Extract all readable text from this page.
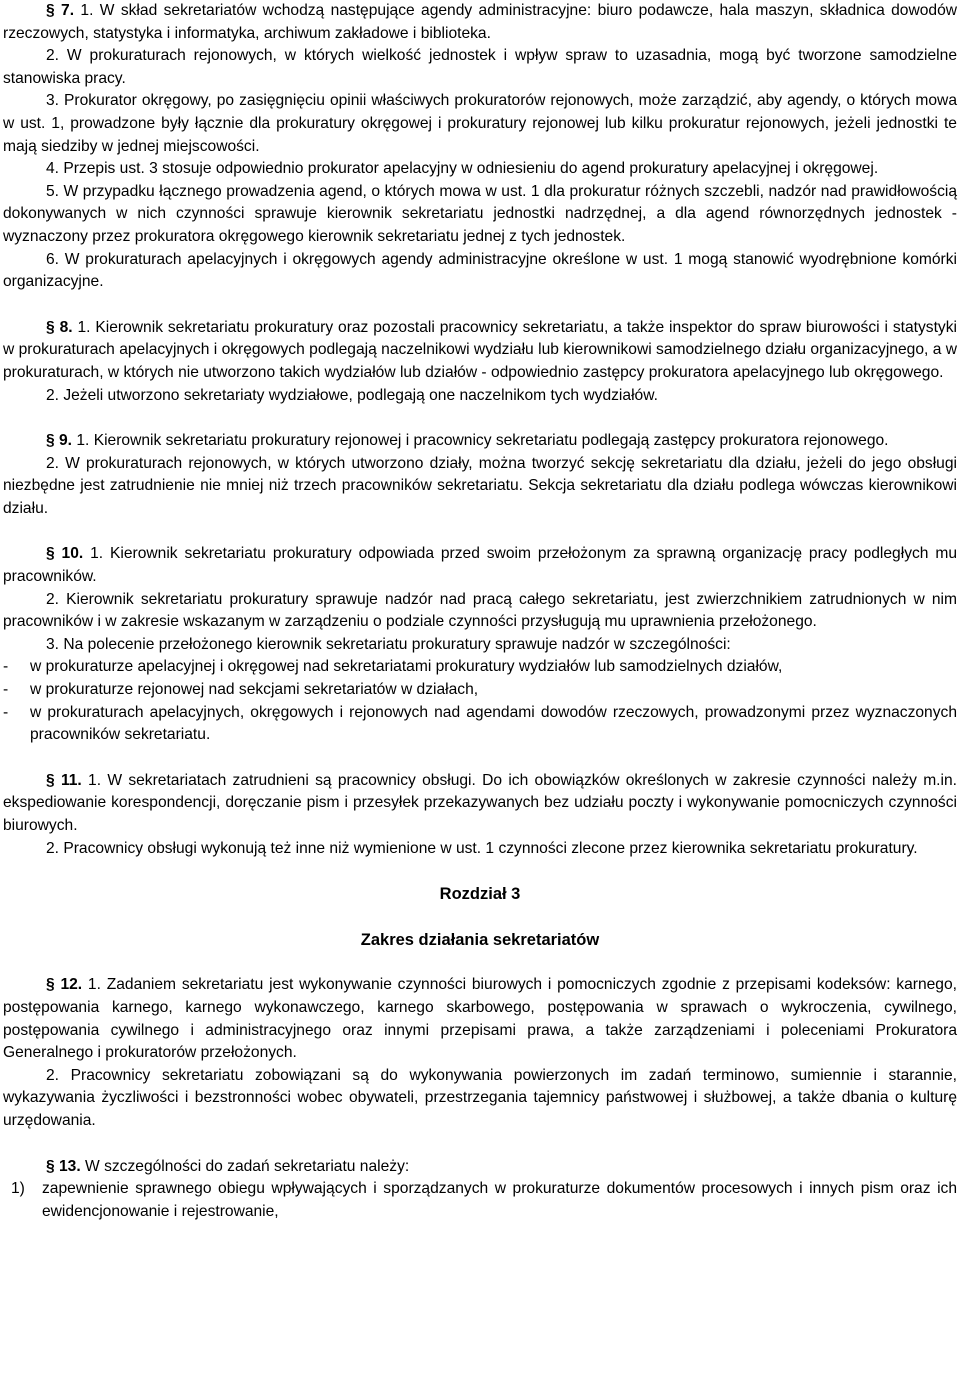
§ 7. 1. W skład sekretariatów wchodzą następujące agendy administracyjne: biuro podawcze, hala maszyn, składnica dowodów rzeczowych, statystyka i informatyka, archiwum zakładowe i biblioteka.

2. W prokuraturach rejonowych, w których wielkość jednostek i wpływ spraw to uzasadnia, mogą być tworzone samodzielne stanowiska pracy.

3. Prokurator okręgowy, po zasięgnięciu opinii właściwych prokuratorów rejonowych, może zarządzić, aby agendy, o których mowa w ust. 1, prowadzone były łącznie dla prokuratury okręgowej i prokuratury rejonowej lub kilku prokuratur rejonowych, jeżeli jednostki te mają siedziby w jednej miejscowości.

4. Przepis ust. 3 stosuje odpowiednio prokurator apelacyjny w odniesieniu do agend prokuratury apelacyjnej i okręgowej.

5. W przypadku łącznego prowadzenia agend, o których mowa w ust. 1 dla prokuratur różnych szczebli, nadzór nad prawidłowością dokonywanych w nich czynności sprawuje kierownik sekretariatu jednostki nadrzędnej, a dla agend równorzędnych jednostek - wyznaczony przez prokuratora okręgowego kierownik sekretariatu jednej z tych jednostek.

6. W prokuraturach apelacyjnych i okręgowych agendy administracyjne określone w ust. 1 mogą stanowić wyodrębnione komórki organizacyjne.

§ 8. 1. Kierownik sekretariatu prokuratury oraz pozostali pracownicy sekretariatu, a także inspektor do spraw biurowości i statystyki w prokuraturach apelacyjnych i okręgowych podlegają naczelnikowi wydziału lub kierownikowi samodzielnego działu organizacyjnego, a w prokuraturach, w których nie utworzono takich wydziałów lub działów - odpowiednio zastępcy prokuratora apelacyjnego lub okręgowego.

2. Jeżeli utworzono sekretariaty wydziałowe, podlegają one naczelnikom tych wydziałów.

§ 9. 1. Kierownik sekretariatu prokuratury rejonowej i pracownicy sekretariatu podlegają zastępcy prokuratora rejonowego.

2. W prokuraturach rejonowych, w których utworzono działy, można tworzyć sekcję sekretariatu dla działu, jeżeli do jego obsługi niezbędne jest zatrudnienie nie mniej niż trzech pracowników sekretariatu. Sekcja sekretariatu dla działu podlega wówczas kierownikowi działu.

§ 10. 1. Kierownik sekretariatu prokuratury odpowiada przed swoim przełożonym za sprawną organizację pracy podległych mu pracowników.

2. Kierownik sekretariatu prokuratury sprawuje nadzór nad pracą całego sekretariatu, jest zwierzchnikiem zatrudnionych w nim pracowników i w zakresie wskazanym w zarządzeniu o podziale czynności przysługują mu uprawnienia przełożonego.

3. Na polecenie przełożonego kierownik sekretariatu prokuratury sprawuje nadzór w szczególności:

-	w prokuraturze apelacyjnej i okręgowej nad sekretariatami prokuratury wydziałów lub samodzielnych działów,
-	w prokuraturze rejonowej nad sekcjami sekretariatów w działach,
-	w prokuraturach apelacyjnych, okręgowych i rejonowych nad agendami dowodów rzeczowych, prowadzonymi przez wyznaczonych pracowników sekretariatu.

§ 11. 1. W sekretariatach zatrudnieni są pracownicy obsługi. Do ich obowiązków określonych w zakresie czynności należy m.in. ekspediowanie korespondencji, doręczanie pism i przesyłek przekazywanych bez udziału poczty i wykonywanie pomocniczych czynności biurowych.

2. Pracownicy obsługi wykonują też inne niż wymienione w ust. 1 czynności zlecone przez kierownika sekretariatu prokuratury.

Rozdział 3

Zakres działania sekretariatów

§ 12. 1. Zadaniem sekretariatu jest wykonywanie czynności biurowych i pomocniczych zgodnie z przepisami kodeksów: karnego, postępowania karnego, karnego wykonawczego, karnego skarbowego, postępowania w sprawach o wykroczenia, cywilnego, postępowania cywilnego i administracyjnego oraz innymi przepisami prawa, a także zarządzeniami i poleceniami Prokuratora Generalnego i prokuratorów przełożonych.

2. Pracownicy sekretariatu zobowiązani są do wykonywania powierzonych im zadań terminowo, sumiennie i starannie, wykazywania życzliwości i bezstronności wobec obywateli, przestrzegania tajemnicy państwowej i służbowej, a także dbania o kulturę urzędowania.

§ 13. W szczególności do zadań sekretariatu należy:

1)	zapewnienie sprawnego obiegu wpływających i sporządzanych w prokuraturze dokumentów procesowych i innych pism oraz ich ewidencjonowanie i rejestrowanie,
